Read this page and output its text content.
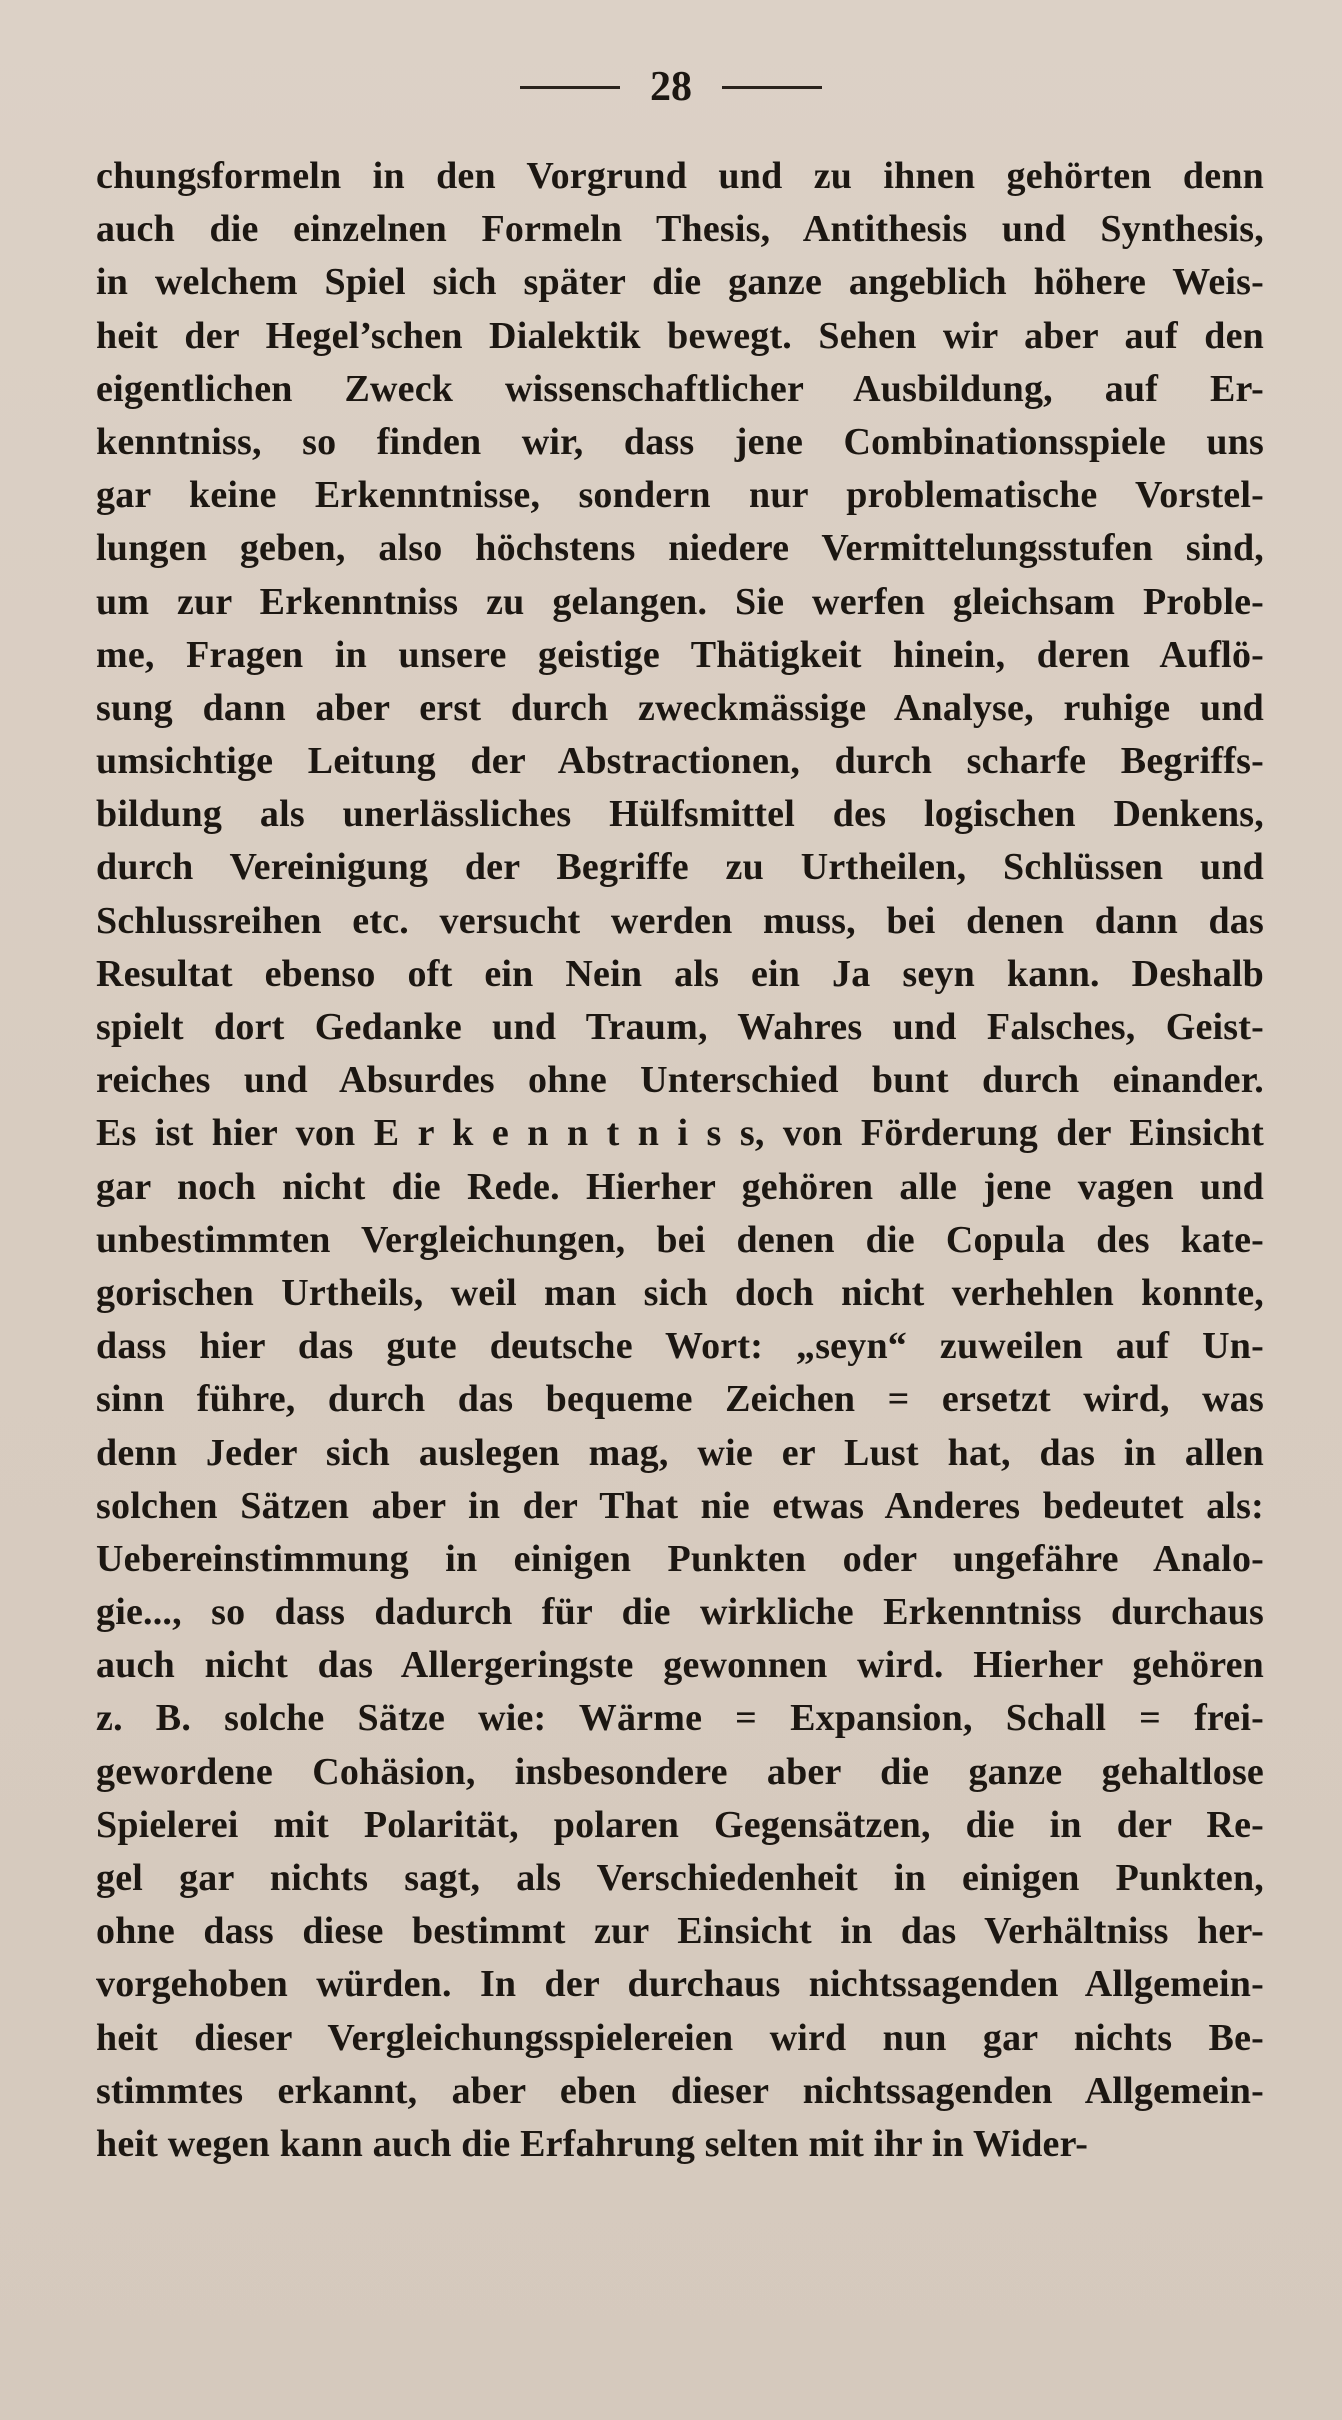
28
chungsformeln in den Vorgrund und zu ihnen gehörten denn
auch die einzelnen Formeln Thesis, Antithesis und Synthesis,
in welchem Spiel sich später die ganze angeblich höhere Weis-
heit der Hegel’schen Dialektik bewegt. Sehen wir aber auf den
eigentlichen Zweck wissenschaftlicher Ausbildung, auf Er-
kenntniss, so finden wir, dass jene Combinationsspiele uns
gar keine Erkenntnisse, sondern nur problematische Vorstel-
lungen geben, also höchstens niedere Vermittelungsstufen sind,
um zur Erkenntniss zu gelangen. Sie werfen gleichsam Proble-
me, Fragen in unsere geistige Thätigkeit hinein, deren Auflö-
sung dann aber erst durch zweckmässige Analyse, ruhige und
umsichtige Leitung der Abstractionen, durch scharfe Begriffs-
bildung als unerlässliches Hülfsmittel des logischen Denkens,
durch Vereinigung der Begriffe zu Urtheilen, Schlüssen und
Schlussreihen etc. versucht werden muss, bei denen dann das
Resultat ebenso oft ein Nein als ein Ja seyn kann. Deshalb
spielt dort Gedanke und Traum, Wahres und Falsches, Geist-
reiches und Absurdes ohne Unterschied bunt durch einander.
Es ist hier von E r k e n n t n i s s, von Förderung der Einsicht
gar noch nicht die Rede. Hierher gehören alle jene vagen und
unbestimmten Vergleichungen, bei denen die Copula des kate-
gorischen Urtheils, weil man sich doch nicht verhehlen konnte,
dass hier das gute deutsche Wort: „seyn“ zuweilen auf Un-
sinn führe, durch das bequeme Zeichen = ersetzt wird, was
denn Jeder sich auslegen mag, wie er Lust hat, das in allen
solchen Sätzen aber in der That nie etwas Anderes bedeutet als:
Uebereinstimmung in einigen Punkten oder ungefähre Analo-
gie..., so dass dadurch für die wirkliche Erkenntniss durchaus
auch nicht das Allergeringste gewonnen wird. Hierher gehören
z. B. solche Sätze wie: Wärme = Expansion, Schall = frei-
gewordene Cohäsion, insbesondere aber die ganze gehaltlose
Spielerei mit Polarität, polaren Gegensätzen, die in der Re-
gel gar nichts sagt, als Verschiedenheit in einigen Punkten,
ohne dass diese bestimmt zur Einsicht in das Verhältniss her-
vorgehoben würden. In der durchaus nichtssagenden Allgemein-
heit dieser Vergleichungsspielereien wird nun gar nichts Be-
stimmtes erkannt, aber eben dieser nichtssagenden Allgemein-
heit wegen kann auch die Erfahrung selten mit ihr in Wider-
